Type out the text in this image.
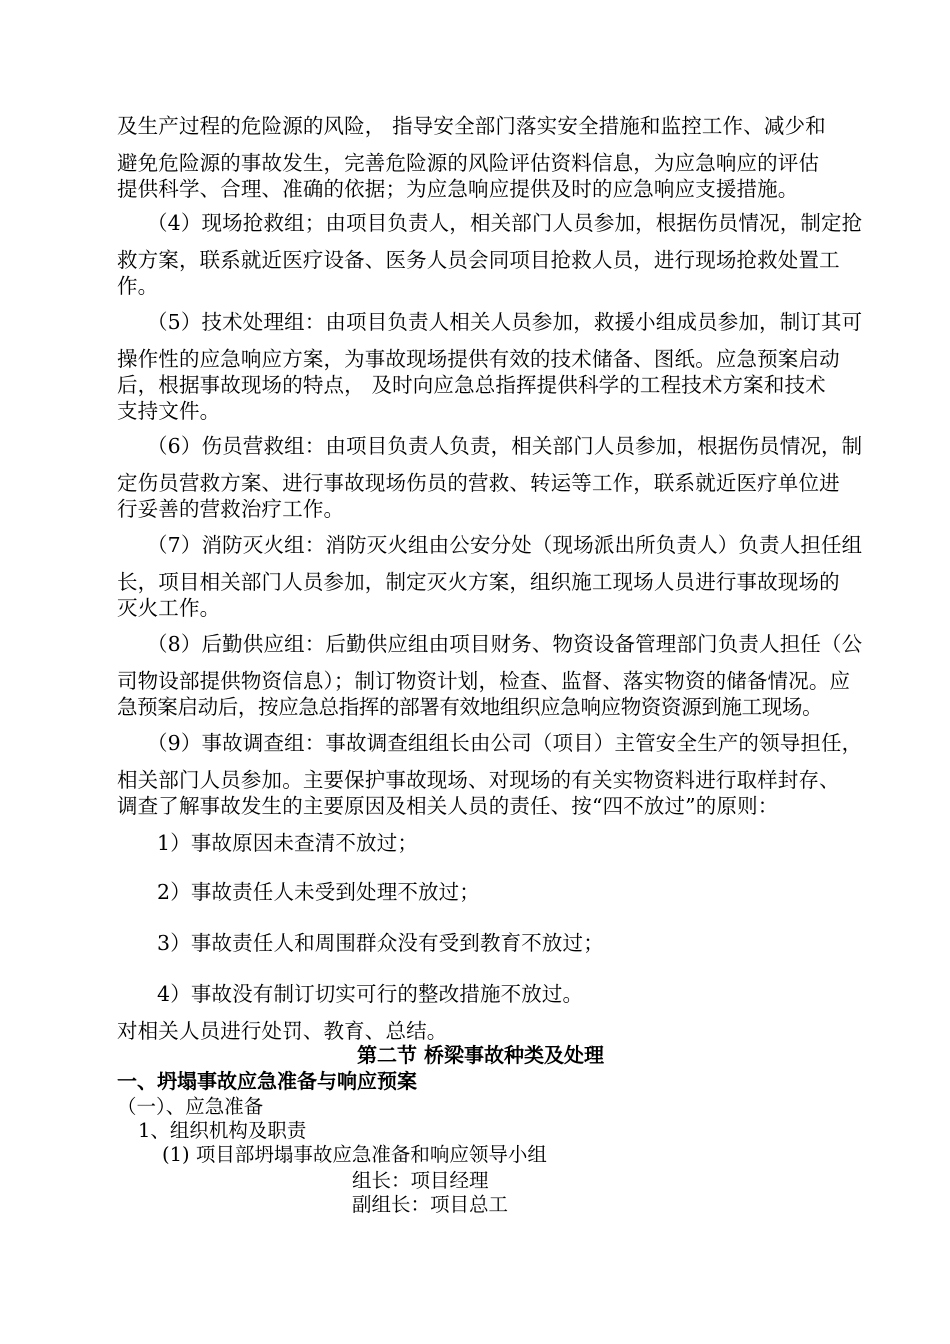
及生产过程的危险源的风险， 指导安全部门落实安全措施和监控工作、减少和
避免危险源的事故发生，完善危险源的风险评估资料信息，为应急响应的评估
提供科学、合理、准确的依据；为应急响应提供及时的应急响应支援措施。
（4）现场抢救组；由项目负责人，相关部门人员参加，根据伤员情况，制定抢
救方案，联系就近医疗设备、医务人员会同项目抢救人员，进行现场抢救处置工
作。
（5）技术处理组：由项目负责人相关人员参加，救援小组成员参加，制订其可
操作性的应急响应方案，为事故现场提供有效的技术储备、图纸。应急预案启动
后，根据事故现场的特点， 及时向应急总指挥提供科学的工程技术方案和技术
支持文件。
（6）伤员营救组：由项目负责人负责，相关部门人员参加，根据伤员情况，制
定伤员营救方案、进行事故现场伤员的营救、转运等工作，联系就近医疗单位进
行妥善的营救治疗工作。
（7）消防灭火组：消防灭火组由公安分处（现场派出所负责人）负责人担任组
长，项目相关部门人员参加，制定灭火方案，组织施工现场人员进行事故现场的
灭火工作。
（8）后勤供应组：后勤供应组由项目财务、物资设备管理部门负责人担任（公
司物设部提供物资信息）；制订物资计划，检查、监督、落实物资的储备情况。应
急预案启动后，按应急总指挥的部署有效地组织应急响应物资资源到施工现场。
（9）事故调查组：事故调查组组长由公司（项目）主管安全生产的领导担任，
相关部门人员参加。主要保护事故现场、对现场的有关实物资料进行取样封存、
调查了解事故发生的主要原因及相关人员的责任、按“四不放过”的原则：
1）事故原因未查清不放过；
2）事故责任人未受到处理不放过；
3）事故责任人和周围群众没有受到教育不放过；
4）事故没有制订切实可行的整改措施不放过。
对相关人员进行处罚、教育、总结。
第二节 桥梁事故种类及处理
一、坍塌事故应急准备与响应预案
（一）、应急准备
1、组织机构及职责
(1) 项目部坍塌事故应急准备和响应领导小组
组长：项目经理
副组长：项目总工
